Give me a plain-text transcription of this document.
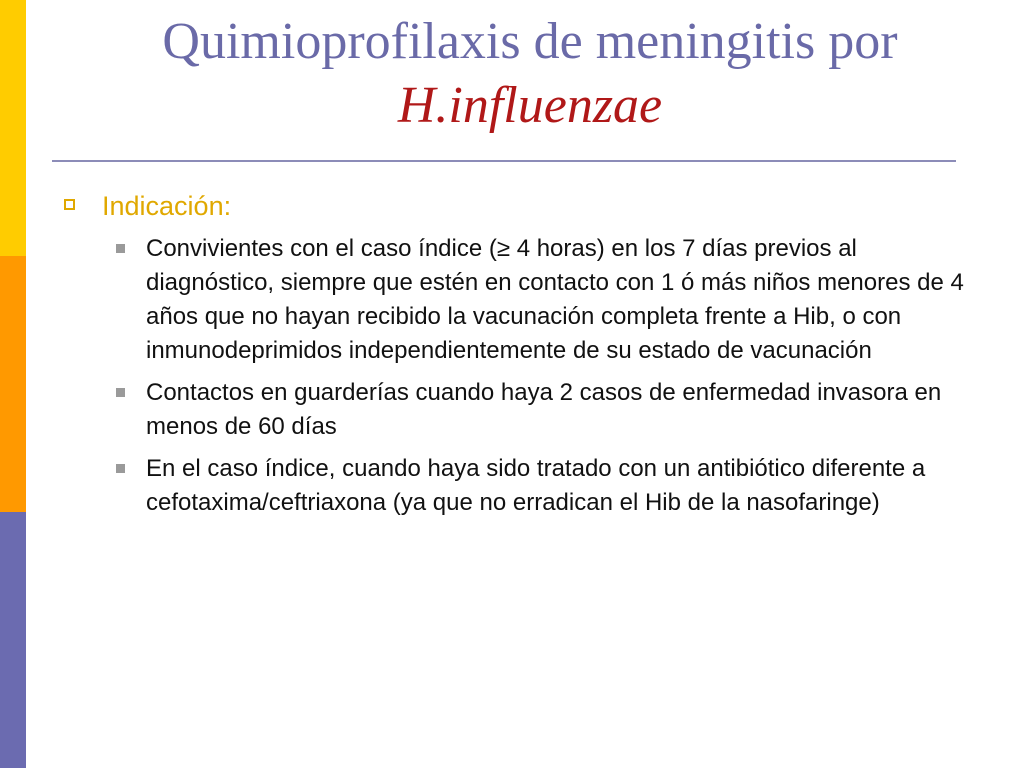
Quimioprofilaxis de meningitis por
H.influenzae
Indicación:
Convivientes con el caso índice (≥ 4 horas) en los 7 días previos al diagnóstico, siempre que estén en contacto con 1 ó más niños menores de 4 años que no hayan recibido la vacunación completa frente a Hib, o con inmunodeprimidos independientemente de su estado de vacunación
Contactos en guarderías cuando haya 2 casos de enfermedad invasora en menos de 60 días
En el caso índice, cuando haya sido tratado con un antibiótico diferente a cefotaxima/ceftriaxona (ya que no erradican el Hib de la nasofaringe)
